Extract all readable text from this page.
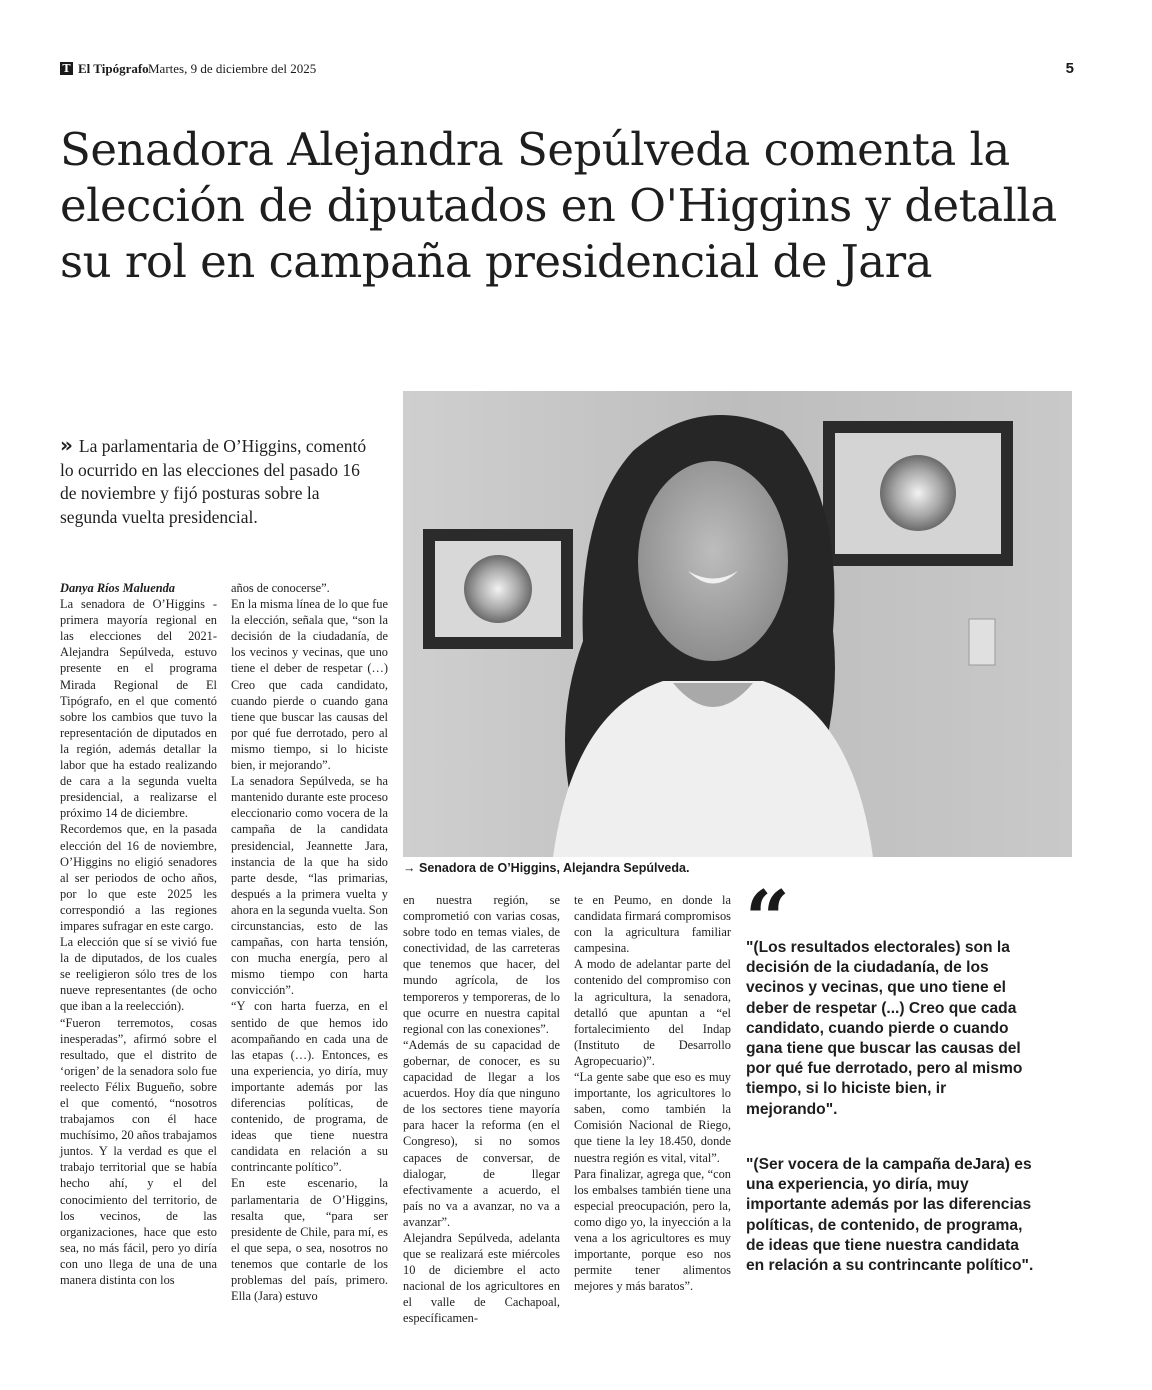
T El Tipógrafo Martes, 9 de diciembre del 2025	5
Senadora Alejandra Sepúlveda comenta la elección de diputados en O'Higgins y detalla su rol en campaña presidencial de Jara
» La parlamentaria de O’Higgins, comentó lo ocurrido en las elecciones del pasado 16 de noviembre y fijó posturas sobre la segunda vuelta presidencial.
→ Senadora de O’Higgins, Alejandra Sepúlveda.

Danya Ríos Maluenda

La senadora de O’Higgins -primera mayoría regional en las elecciones del 2021- Alejandra Sepúlveda, estuvo presente en el programa Mirada Regional de El Tipógrafo, en el que comentó sobre los cambios que tuvo la representación de diputados en la región, además detallar la labor que ha estado realizando de cara a la segunda vuelta presidencial, a realizarse el próximo 14 de diciembre.

Recordemos que, en la pasada elección del 16 de noviembre, O’Higgins no eligió senadores al ser periodos de ocho años, por lo que este 2025 les correspondió a las regiones impares sufragar en este cargo.

La elección que sí se vivió fue la de diputados, de los cuales se reeligieron sólo tres de los nueve representantes (de ocho que iban a la reelección).

“Fueron terremotos, cosas inesperadas”, afirmó sobre el resultado, que el distrito de ‘origen’ de la senadora solo fue reelecto Félix Bugueño, sobre el que comentó, “nosotros trabajamos con él hace muchísimo, 20 años trabajamos juntos. Y la verdad es que el trabajo territorial que se había hecho ahí, y el del conocimiento del territorio, de los vecinos, de las organizaciones, hace que esto sea, no más fácil, pero yo diría con uno llega de una de una manera distinta con los

años de conocerse”.

En la misma línea de lo que fue la elección, señala que, “son la decisión de la ciudadanía, de los vecinos y vecinas, que uno tiene el deber de respetar (…) Creo que cada candidato, cuando pierde o cuando gana tiene que buscar las causas del por qué fue derrotado, pero al mismo tiempo, si lo hiciste bien, ir mejorando”.

La senadora Sepúlveda, se ha mantenido durante este proceso eleccionario como vocera de la campaña de la candidata presidencial, Jeannette Jara, instancia de la que ha sido parte desde, “las primarias, después a la primera vuelta y ahora en la segunda vuelta. Son circunstancias, esto de las campañas, con harta tensión, con mucha energía, pero al mismo tiempo con harta convicción”.

“Y con harta fuerza, en el sentido de que hemos ido acompañando en cada una de las etapas (…). Entonces, es una experiencia, yo diría, muy importante además por las diferencias políticas, de contenido, de programa, de ideas que tiene nuestra candidata en relación a su contrincante político”.

En este escenario, la parlamentaria de O’Higgins, resalta que, “para ser presidente de Chile, para mí, es el que sepa, o sea, nosotros no tenemos que contarle de los problemas del país, primero. Ella (Jara) estuvo

en nuestra región, se comprometió con varias cosas, sobre todo en temas viales, de conectividad, de las carreteras que tenemos que hacer, del mundo agrícola, de los temporeros y temporeras, de lo que ocurre en nuestra capital regional con las conexiones”.

“Además de su capacidad de gobernar, de conocer, es su capacidad de llegar a los acuerdos. Hoy día que ninguno de los sectores tiene mayoría para hacer la reforma (en el Congreso), si no somos capaces de conversar, de dialogar, de llegar efectivamente a acuerdo, el país no va a avanzar, no va a avanzar”.

Alejandra Sepúlveda, adelanta que se realizará este miércoles 10 de diciembre el acto nacional de los agricultores en el valle de Cachapoal, específicamen-

te en Peumo, en donde la candidata firmará compromisos con la agricultura familiar campesina.

A modo de adelantar parte del contenido del compromiso con la agricultura, la senadora, detalló que apuntan a “el fortalecimiento del Indap (Instituto de Desarrollo Agropecuario)”.

“La gente sabe que eso es muy importante, los agricultores lo saben, como también la Comisión Nacional de Riego, que tiene la ley 18.450, donde nuestra región es vital, vital”.

Para finalizar, agrega que, “con los embalses también tiene una especial preocupación, pero la, como digo yo, la inyección a la vena a los agricultores es muy importante, porque eso nos permite tener alimentos mejores y más baratos”.

“
"(Los resultados electorales) son la decisión de la ciudadanía, de los vecinos y vecinas, que uno tiene el deber de respetar (...) Creo que cada candidato, cuando pierde o cuando gana tiene que buscar las causas del por qué fue derrotado, pero al mismo tiempo, si lo hiciste bien, ir mejorando".
"(Ser vocera de la campaña deJara) es una experiencia, yo diría, muy importante además por las diferencias políticas, de contenido, de programa, de ideas que tiene nuestra candidata en relación a su contrincante político".
